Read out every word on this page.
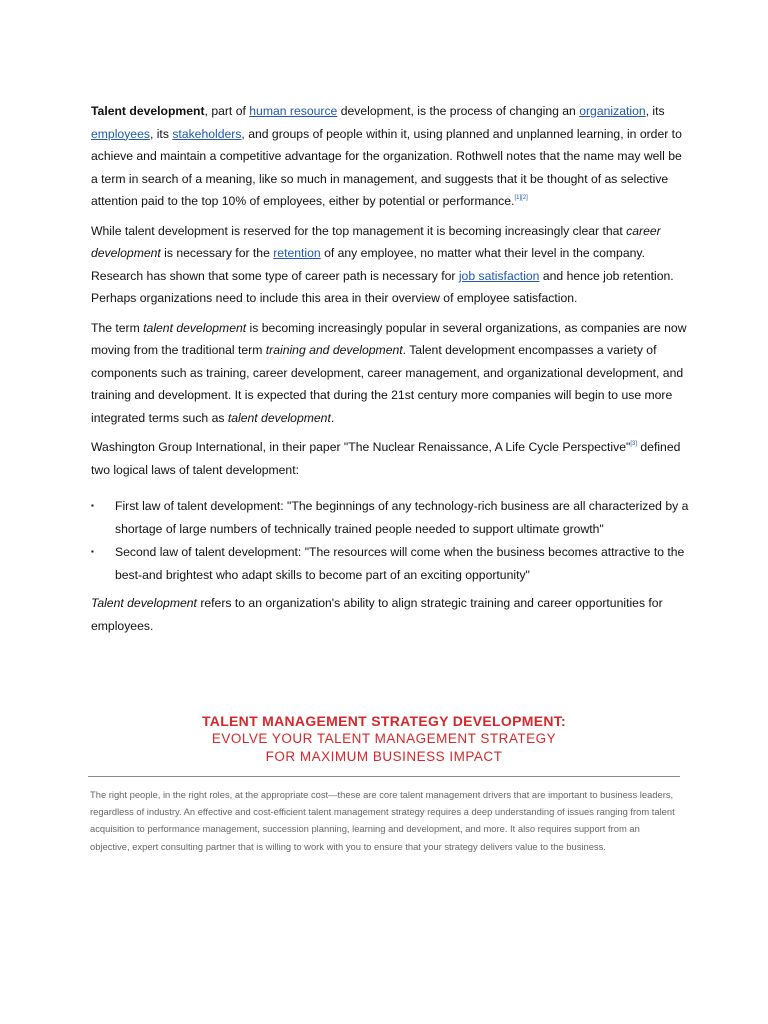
Talent development, part of human resource development, is the process of changing an organization, its employees, its stakeholders, and groups of people within it, using planned and unplanned learning, in order to achieve and maintain a competitive advantage for the organization. Rothwell notes that the name may well be a term in search of a meaning, like so much in management, and suggests that it be thought of as selective attention paid to the top 10% of employees, either by potential or performance.[1][2]

While talent development is reserved for the top management it is becoming increasingly clear that career development is necessary for the retention of any employee, no matter what their level in the company. Research has shown that some type of career path is necessary for job satisfaction and hence job retention. Perhaps organizations need to include this area in their overview of employee satisfaction.

The term talent development is becoming increasingly popular in several organizations, as companies are now moving from the traditional term training and development. Talent development encompasses a variety of components such as training, career development, career management, and organizational development, and training and development. It is expected that during the 21st century more companies will begin to use more integrated terms such as talent development.

Washington Group International, in their paper "The Nuclear Renaissance, A Life Cycle Perspective"[3] defined two logical laws of talent development:

▪ First law of talent development: "The beginnings of any technology-rich business are all characterized by a shortage of large numbers of technically trained people needed to support ultimate growth"
▪ Second law of talent development: "The resources will come when the business becomes attractive to the best-and brightest who adapt skills to become part of an exciting opportunity"

Talent development refers to an organization's ability to align strategic training and career opportunities for employees.

TALENT MANAGEMENT STRATEGY DEVELOPMENT:
EVOLVE YOUR TALENT MANAGEMENT STRATEGY
FOR MAXIMUM BUSINESS IMPACT
The right people, in the right roles, at the appropriate cost—these are core talent management drivers that are important to business leaders, regardless of industry. An effective and cost-efficient talent management strategy requires a deep understanding of issues ranging from talent acquisition to performance management, succession planning, learning and development, and more. It also requires support from an objective, expert consulting partner that is willing to work with you to ensure that your strategy delivers value to the business.
